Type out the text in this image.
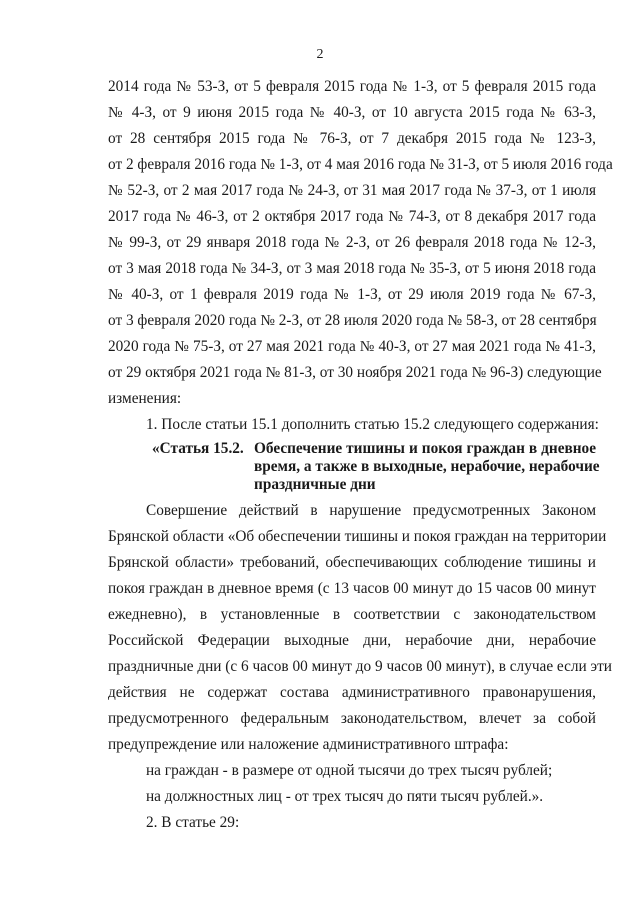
2
2014 года № 53-З, от 5 февраля 2015 года № 1-З, от 5 февраля 2015 года
№ 4-З, от 9 июня 2015 года № 40-З, от 10 августа 2015 года № 63-З,
от 28 сентября 2015 года № 76-З, от 7 декабря 2015 года № 123-З,
от 2 февраля 2016 года № 1-З, от 4 мая 2016 года № 31-З, от 5 июля 2016 года
№ 52-З, от 2 мая 2017 года № 24-З, от 31 мая 2017 года № 37-З, от 1 июля
2017 года № 46-З, от 2 октября 2017 года № 74-З, от 8 декабря 2017 года
№ 99-З, от 29 января 2018 года № 2-З, от 26 февраля 2018 года № 12-З,
от 3 мая 2018 года № 34-З, от 3 мая 2018 года № 35-З, от 5 июня 2018 года
№ 40-З, от 1 февраля 2019 года № 1-З, от 29 июля 2019 года № 67-З,
от 3 февраля 2020 года № 2-З, от 28 июля 2020 года № 58-З, от 28 сентября
2020 года № 75-З, от 27 мая 2021 года № 40-З, от 27 мая 2021 года № 41-З,
от 29 октября 2021 года № 81-З, от 30 ноября 2021 года № 96-З) следующие
изменения:
1. После статьи 15.1 дополнить статью 15.2 следующего содержания:
«Статья 15.2. Обеспечение тишины и покоя граждан в дневное
время, а также в выходные, нерабочие, нерабочие
праздничные дни
Совершение действий в нарушение предусмотренных Законом
Брянской области «Об обеспечении тишины и покоя граждан на территории
Брянской области» требований, обеспечивающих соблюдение тишины и
покоя граждан в дневное время (с 13 часов 00 минут до 15 часов 00 минут
ежедневно), в установленные в соответствии с законодательством
Российской Федерации выходные дни, нерабочие дни, нерабочие
праздничные дни (с 6 часов 00 минут до 9 часов 00 минут), в случае если эти
действия не содержат состава административного правонарушения,
предусмотренного федеральным законодательством, влечет за собой
предупреждение или наложение административного штрафа:
на граждан - в размере от одной тысячи до трех тысяч рублей;
на должностных лиц - от трех тысяч до пяти тысяч рублей.».
2. В статье 29:
